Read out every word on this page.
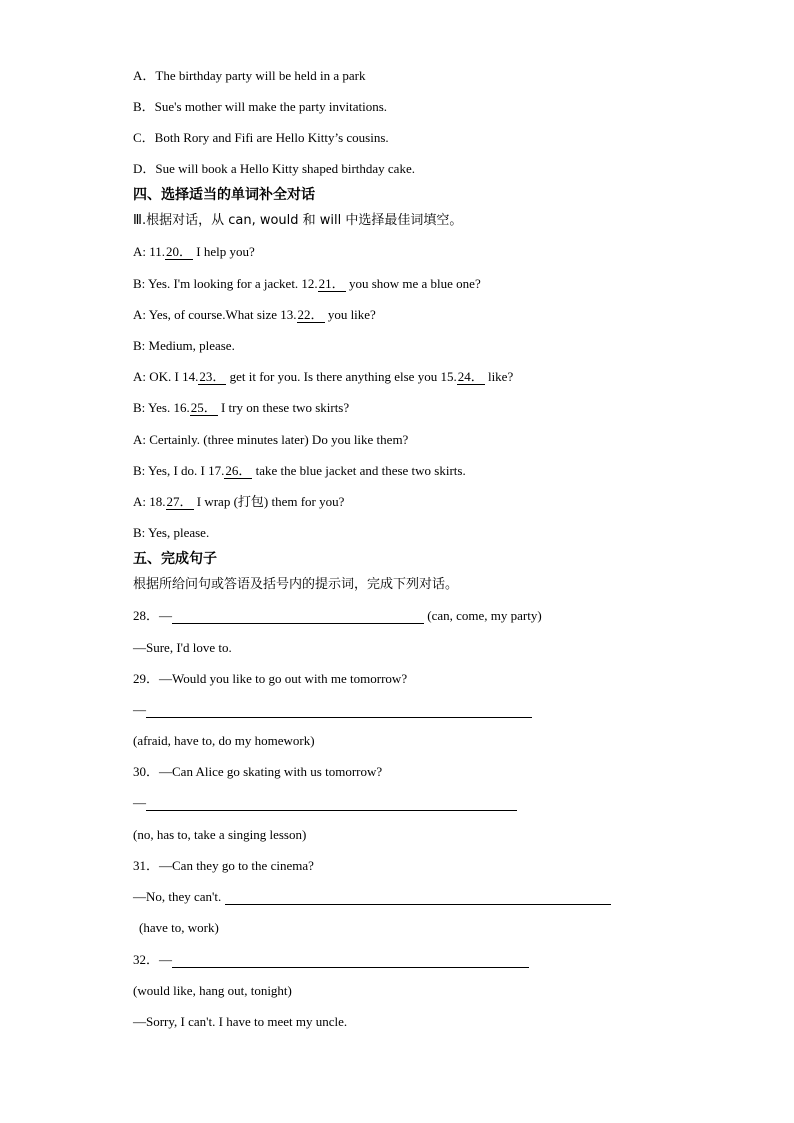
A．The birthday party will be held in a park
B．Sue's mother will make the party invitations.
C．Both Rory and Fifi are Hello Kitty’s cousins.
D．Sue will book a Hello Kitty shaped birthday cake.
四、选择适当的单词补全对话
Ⅲ.根据对话，从 can, would 和 will 中选择最佳词填空。
A: 11.20． I help you?
B: Yes. I'm looking for a jacket. 12.21． you show me a blue one?
A: Yes, of course.What size 13.22． you like?
B: Medium, please.
A: OK. I 14.23． get it for you. Is there anything else you 15.24． like?
B: Yes. 16.25． I try on these two skirts?
A: Certainly. (three minutes later) Do you like them?
B: Yes, I do. I 17.26． take the blue jacket and these two skirts.
A: 18.27． I wrap (打包) them for you?
B: Yes, please.
五、完成句子
根据所给问句或答语及括号内的提示词，完成下列对话。
28．—	(can, come, my party)
—Sure, I'd love to.
29．—Would you like to go out with me tomorrow?
—
(afraid, have to, do my homework)
30．—Can Alice go skating with us tomorrow?
—
(no, has to, take a singing lesson)
31．—Can they go to the cinema?
—No, they can't.
(have to, work)
32．—
(would like, hang out, tonight)
—Sorry, I can't. I have to meet my uncle.
